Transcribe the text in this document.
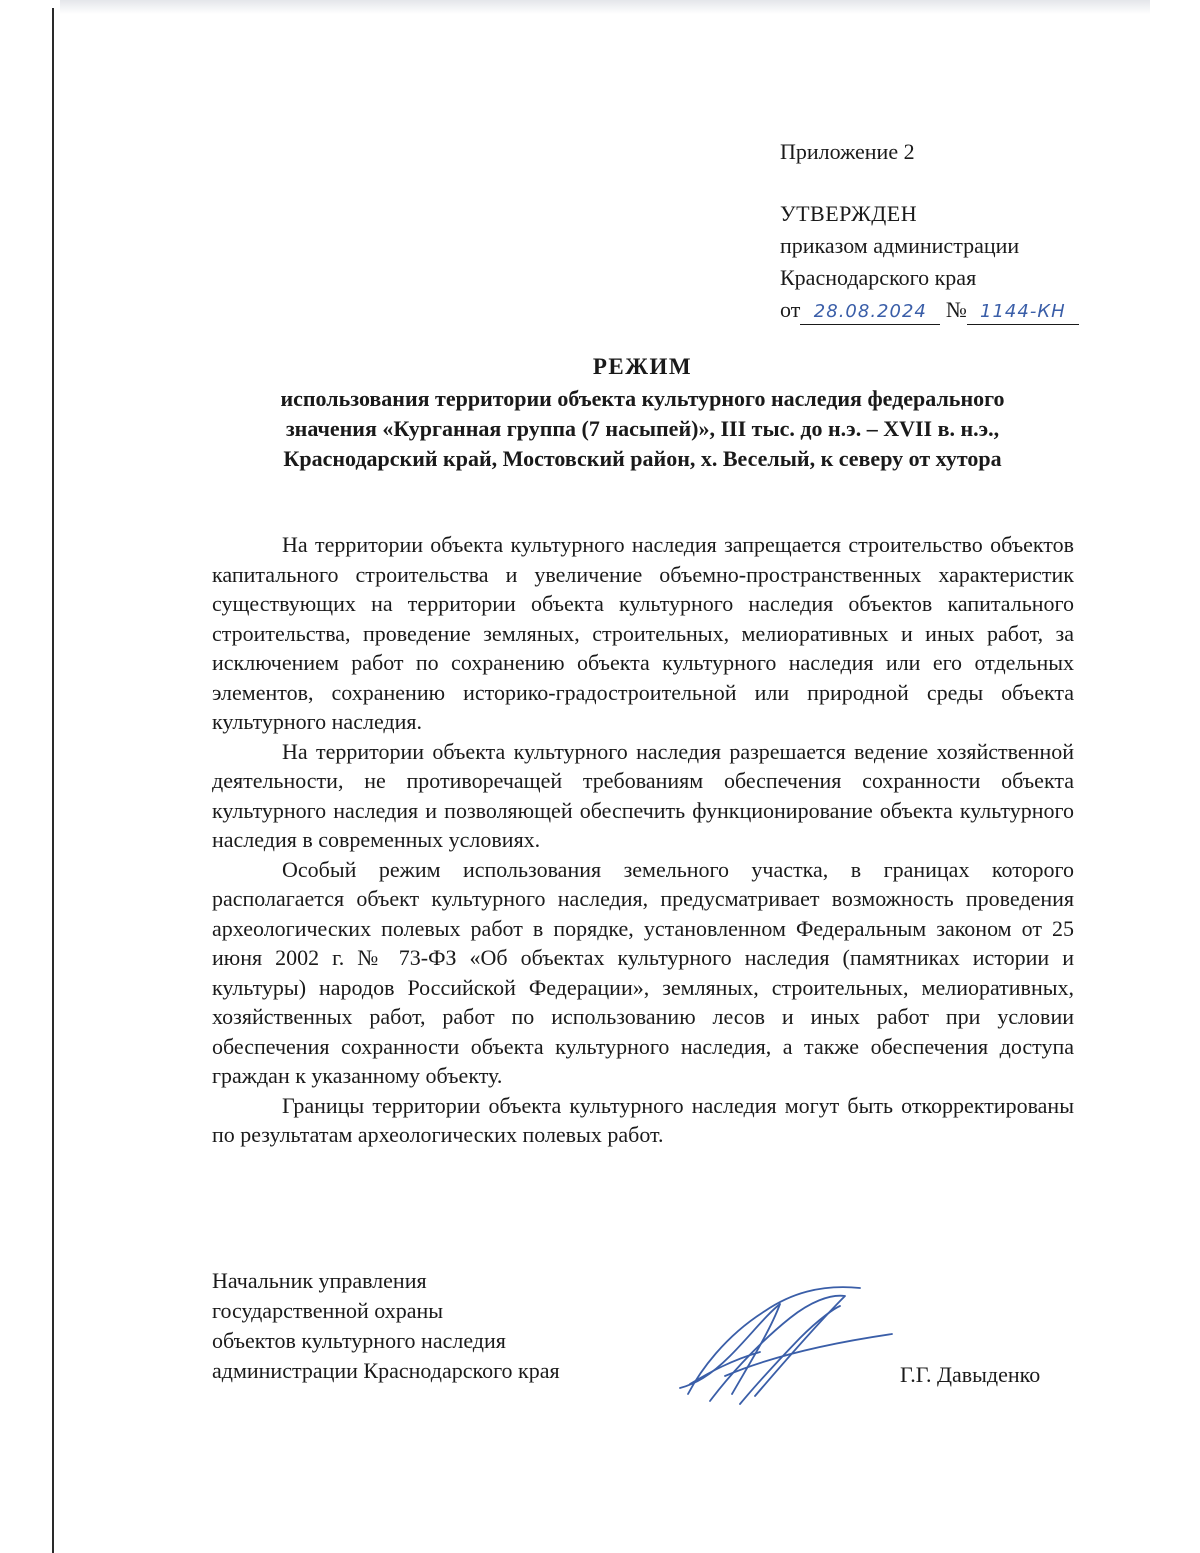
Приложение 2
УТВЕРЖДЕН
приказом администрации
Краснодарского края
от 28.08.2024 № 1144-КН
РЕЖИМ
использования территории объекта культурного наследия федерального
значения «Курганная группа (7 насыпей)», III тыс. до н.э. – XVII в. н.э.,
Краснодарский край, Мостовский район, х. Веселый, к северу от хутора

На территории объекта культурного наследия запрещается строительство объектов капитального строительства и увеличение объемно-пространственных характеристик существующих на территории объекта культурного наследия объектов капитального строительства, проведение земляных, строительных, мелиоративных и иных работ, за исключением работ по сохранению объекта культурного наследия или его отдельных элементов, сохранению историко-градостроительной или природной среды объекта культурного наследия.

На территории объекта культурного наследия разрешается ведение хозяйственной деятельности, не противоречащей требованиям обеспечения сохранности объекта культурного наследия и позволяющей обеспечить функционирование объекта культурного наследия в современных условиях.

Особый режим использования земельного участка, в границах которого располагается объект культурного наследия, предусматривает возможность проведения археологических полевых работ в порядке, установленном Федеральным законом от 25 июня 2002 г. № 73-ФЗ «Об объектах культурного наследия (памятниках истории и культуры) народов Российской Федерации», земляных, строительных, мелиоративных, хозяйственных работ, работ по использованию лесов и иных работ при условии обеспечения сохранности объекта культурного наследия, а также обеспечения доступа граждан к указанному объекту.

Границы территории объекта культурного наследия могут быть откорректированы по результатам археологических полевых работ.

Начальник управления
государственной охраны
объектов культурного наследия
администрации Краснодарского края	Г.Г. Давыденко
